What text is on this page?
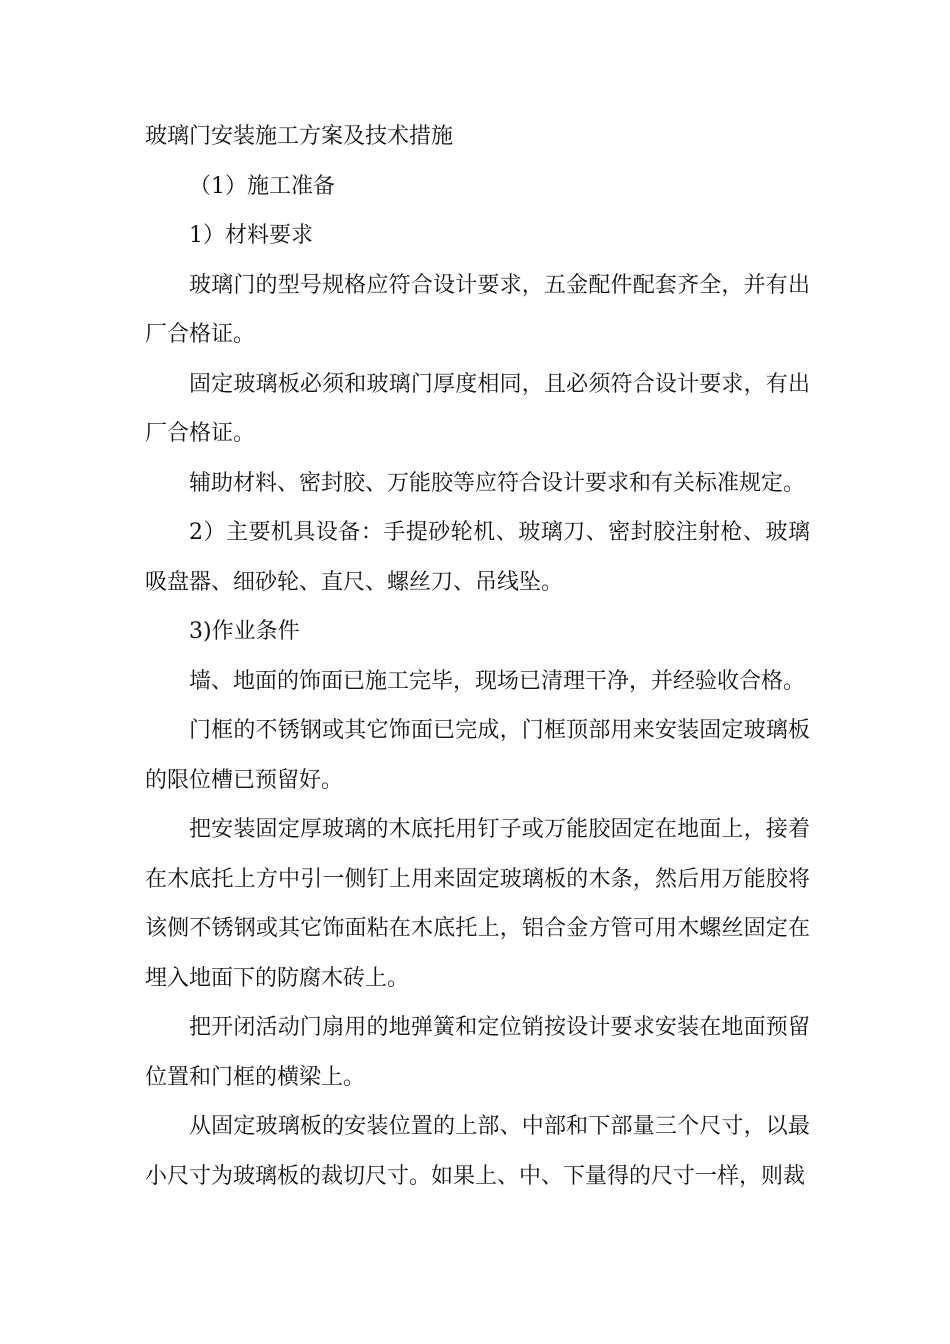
玻璃门安装施工方案及技术措施

（1）施工准备

1）材料要求

玻璃门的型号规格应符合设计要求，五金配件配套齐全，并有出厂合格证。

固定玻璃板必须和玻璃门厚度相同，且必须符合设计要求，有出厂合格证。

辅助材料、密封胶、万能胶等应符合设计要求和有关标准规定。

2）主要机具设备：手提砂轮机、玻璃刀、密封胶注射枪、玻璃吸盘器、细砂轮、直尺、螺丝刀、吊线坠。

3)作业条件

墙、地面的饰面已施工完毕，现场已清理干净，并经验收合格。

门框的不锈钢或其它饰面已完成，门框顶部用来安装固定玻璃板的限位槽已预留好。

把安装固定厚玻璃的木底托用钉子或万能胶固定在地面上，接着在木底托上方中引一侧钉上用来固定玻璃板的木条，然后用万能胶将该侧不锈钢或其它饰面粘在木底托上，铝合金方管可用木螺丝固定在埋入地面下的防腐木砖上。

把开闭活动门扇用的地弹簧和定位销按设计要求安装在地面预留位置和门框的横梁上。

从固定玻璃板的安装位置的上部、中部和下部量三个尺寸，以最小尺寸为玻璃板的裁切尺寸。如果上、中、下量得的尺寸一样，则裁
